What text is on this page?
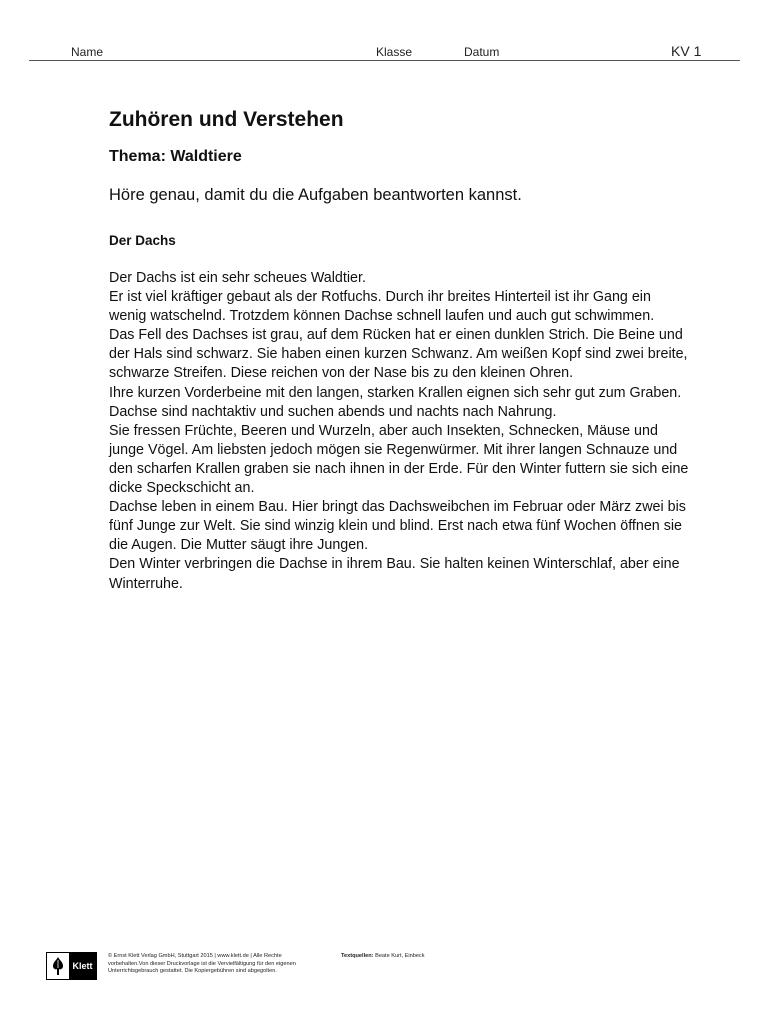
Name	Klasse	Datum	KV 1
Zuhören und Verstehen
Thema: Waldtiere

Höre genau, damit du die Aufgaben beantworten kannst.

Der Dachs
Der Dachs ist ein sehr scheues Waldtier.
Er ist viel kräftiger gebaut als der Rotfuchs. Durch ihr breites Hinterteil ist ihr Gang ein
wenig watschelnd. Trotzdem können Dachse schnell laufen und auch gut schwimmen.
Das Fell des Dachses ist grau, auf dem Rücken hat er einen dunklen Strich. Die Beine und
der Hals sind schwarz. Sie haben einen kurzen Schwanz. Am weißen Kopf sind zwei breite,
schwarze Streifen. Diese reichen von der Nase bis zu den kleinen Ohren.
Ihre kurzen Vorderbeine mit den langen, starken Krallen eignen sich sehr gut zum Graben.
Dachse sind nachtaktiv und suchen abends und nachts nach Nahrung.
Sie fressen Früchte, Beeren und Wurzeln, aber auch Insekten, Schnecken, Mäuse und
junge Vögel. Am liebsten jedoch mögen sie Regenwürmer. Mit ihrer langen Schnauze und
den scharfen Krallen graben sie nach ihnen in der Erde. Für den Winter futtern sie sich eine
dicke Speckschicht an.
Dachse leben in einem Bau. Hier bringt das Dachsweibchen im Februar oder März zwei bis
fünf Junge zur Welt. Sie sind winzig klein und blind. Erst nach etwa fünf Wochen öffnen sie
die Augen. Die Mutter säugt ihre Jungen.
Den Winter verbringen die Dachse in ihrem Bau. Sie halten keinen Winterschlaf, aber eine
Winterruhe.
Klett
© Ernst Klett Verlag GmbH, Stuttgart 2015 | www.klett.de | Alle Rechte
vorbehalten.Von dieser Druckvorlage ist die Vervielfältigung für den eigenen
Unterrichtsgebrauch gestattet. Die Kopiergebühren sind abgegolten.
Textquellen: Beate Kurt, Einbeck
